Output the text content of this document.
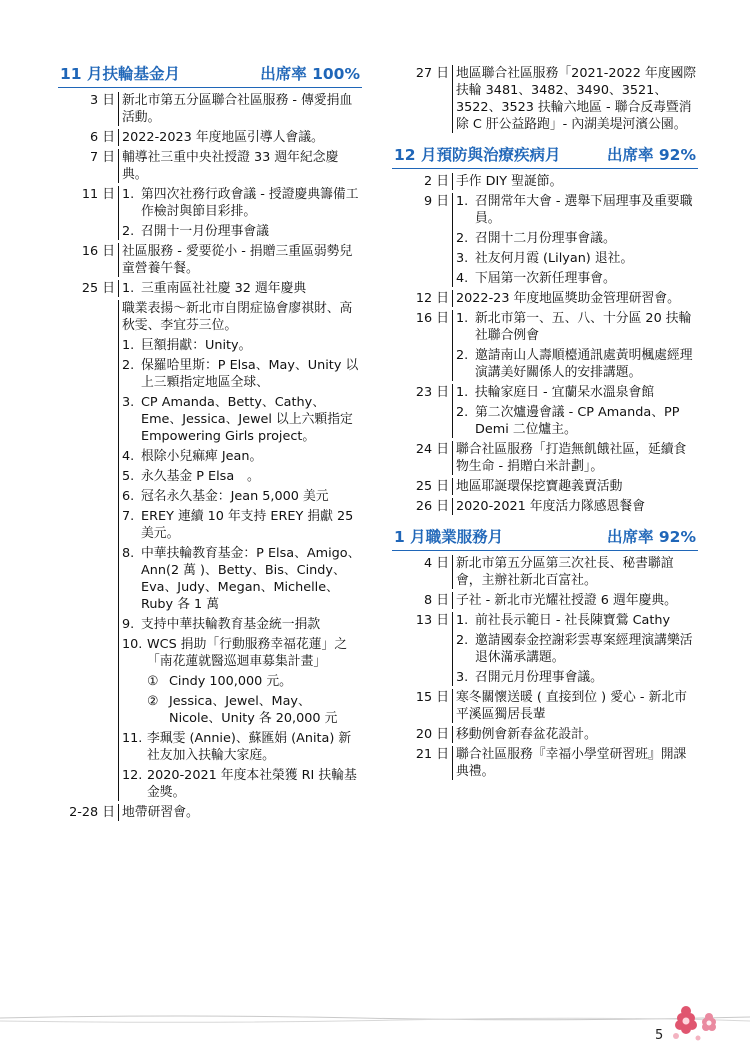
11 月扶輪基金月	出席率 100%
3 日 新北市第五分區聯合社區服務 - 傳愛捐血活動。

6 日 2022-2023 年度地區引導人會議。

7 日 輔導社三重中央社授證 33 週年紀念慶典。

11 日 1. 第四次社務行政會議 - 授證慶典籌備工作檢討與節目彩排。
2. 召開十一月份理事會議
16 日 社區服務 - 愛要從小 - 捐贈三重區弱勢兒童營養午餐。

25 日 1. 三重南區社社慶 32 週年慶典

職業表揚～新北市自閉症協會廖祺財、高秋雯、李宜芬三位。

1. 巨額捐獻：Unity。
2. 保羅哈里斯：P Elsa、May、Unity 以上三顆指定地區全球、
3. CP Amanda、Betty、Cathy、Eme、Jessica、Jewel 以上六顆指定 Empowering Girls project。
4. 根除小兒痲痺 Jean。
5. 永久基金 P Elsa　。
6. 冠名永久基金：Jean 5,000 美元
7. EREY 連續 10 年支持 EREY 捐獻 25 美元。
8. 中華扶輪教育基金：P Elsa、Amigo、Ann(2 萬 )、Betty、Bis、Cindy、Eva、Judy、Megan、Michelle、Ruby 各 1 萬
9. 支持中華扶輪教育基金統一捐款
10. WCS 捐助「行動服務幸福花蓮」之「南花蓮就醫巡迴車募集計畫」
① Cindy 100,000 元。
② Jessica、Jewel、May、Nicole、Unity 各 20,000 元
11. 李珮雯 (Annie)、蘇匯娟 (Anita) 新社友加入扶輪大家庭。
12. 2020-2021 年度本社榮獲 RI 扶輪基金獎。
2-28 日 地帶研習會。

27 日 地區聯合社區服務「2021-2022 年度國際扶輪 3481、3482、3490、3521、3522、3523 扶輪六地區 - 聯合反毒暨消除 C 肝公益路跑」- 內湖美堤河濱公園。

12 月預防與治療疾病月	出席率 92%
2 日 手作 DIY 聖誕節。

9 日 1. 召開常年大會 - 選舉下屆理事及重要職員。
2. 召開十二月份理事會議。
3. 社友何月霞 (Lilyan) 退社。
4. 下屆第一次新任理事會。
12 日 2022-23 年度地區獎助金管理研習會。

16 日 1. 新北市第一、五、八、十分區 20 扶輪社聯合例會
2. 邀請南山人壽順檯通訊處黃明楓處經理演講美好關係人的安排講題。
23 日 1. 扶輪家庭日 - 宜蘭呆水溫泉會館
2. 第二次爐邊會議 - CP Amanda、PP Demi 二位爐主。
24 日 聯合社區服務「打造無飢餓社區，延續食物生命 - 捐贈白米計劃」。

25 日 地區耶誕環保挖寶趣義賣活動

26 日 2020-2021 年度活力隊感恩餐會

1 月職業服務月	出席率 92%
4 日 新北市第五分區第三次社長、秘書聯誼會，主辦社新北百富社。

8 日 子社 - 新北市光耀社授證 6 週年慶典。

13 日 1. 前社長示範日 - 社長陳寶鶯 Cathy
2. 邀請國泰金控謝彩雲專案經理演講樂活退休滿承講題。
3. 召開元月份理事會議。
15 日 寒冬關懷送暖 ( 直接到位 ) 愛心 - 新北市平溪區獨居長輩

20 日 移動例會新春盆花設計。

21 日 聯合社區服務『幸福小學堂研習班』開課典禮。

5
